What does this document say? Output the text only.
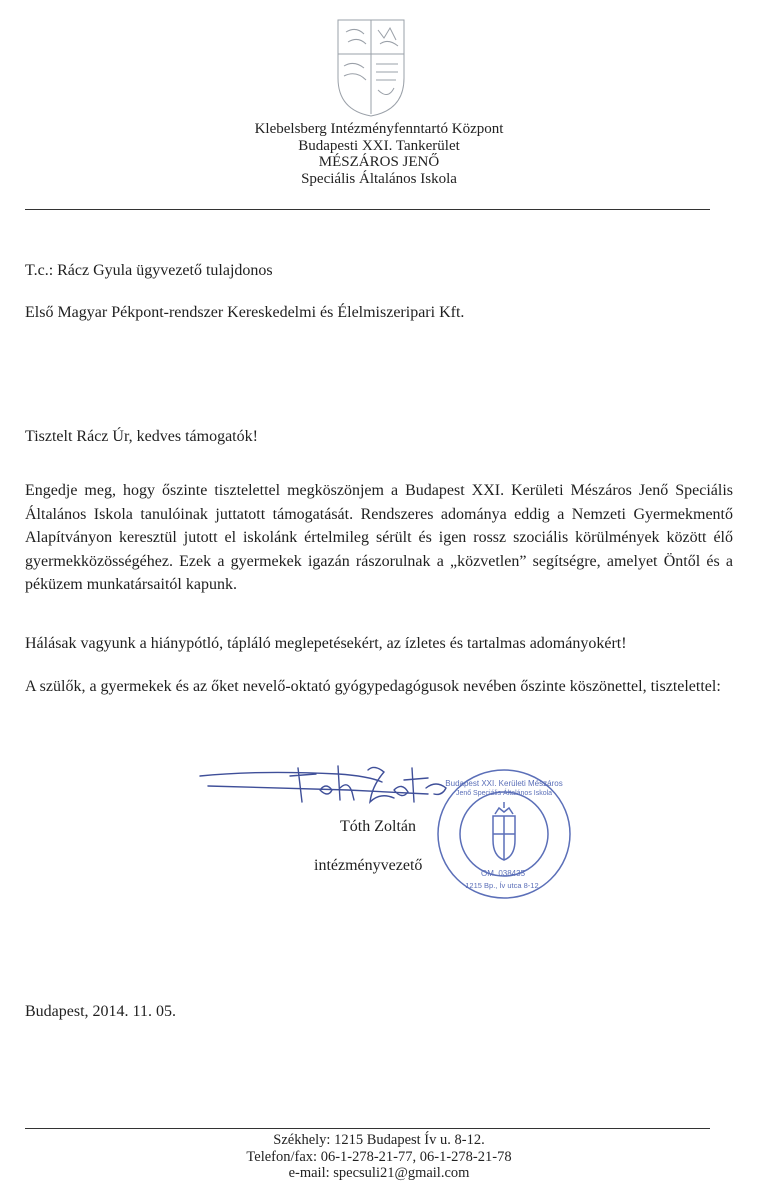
Klebelsberg Intézményfenntartó Központ
Budapesti XXI. Tankerület
MÉSZÁROS JENŐ
Speciális Általános Iskola
T.c.: Rácz Gyula ügyvezető tulajdonos
Első Magyar Pékpont-rendszer Kereskedelmi és Élelmiszeripari Kft.
Tisztelt Rácz Úr, kedves támogatók!
Engedje meg, hogy őszinte tisztelettel megköszönjem a Budapest XXI. Kerületi Mészáros Jenő Speciális Általános Iskola tanulóinak juttatott támogatását. Rendszeres adománya eddig a Nemzeti Gyermekmentő Alapítványon keresztül jutott el iskolánk értelmileg sérült és igen rossz szociális körülmények között élő gyermekközösségéhez. Ezek a gyermekek igazán rászorulnak a „közvetlen” segítségre, amelyet Öntől és a péküzem munkatársaitól kapunk.
Hálásak vagyunk a hiánypótló, tápláló meglepetésekért, az ízletes és tartalmas adományokért!
A szülők, a gyermekek és az őket nevelő-oktató gyógypedagógusok nevében őszinte köszönettel, tisztelettel:
Budapest XXI. Kerületi Mészáros
Jenő Speciális Általános Iskola
OM. 038435
1215 Bp., Ív utca 8-12.
Tóth Zoltán
intézményvezető
Budapest, 2014. 11. 05.
Székhely: 1215 Budapest Ív u. 8-12.
Telefon/fax: 06-1-278-21-77, 06-1-278-21-78
e-mail: specsuli21@gmail.com
